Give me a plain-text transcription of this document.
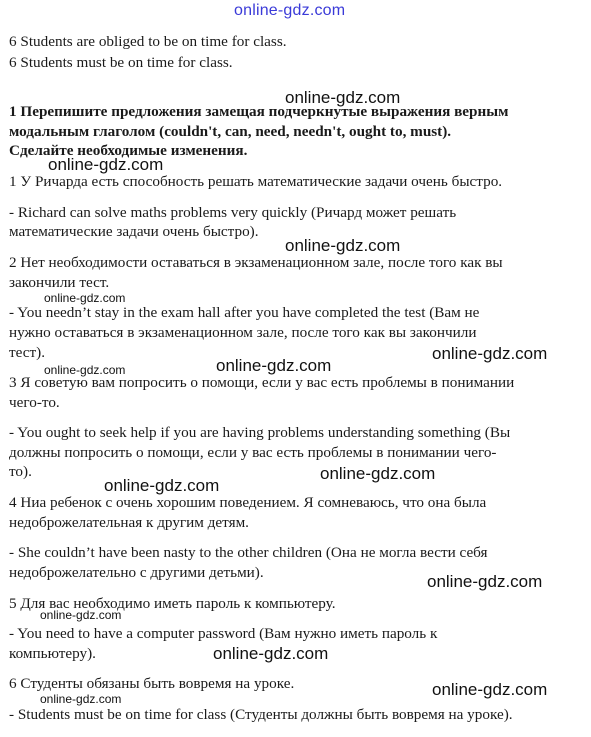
online-gdz.com
6 Students are obliged to be on time for class.
6 Students must be on time for class.
1 Перепишите предложения замещая подчеркнутые выражения верным
модальным глаголом (couldn't, can, need, needn't, ought to, must).
Сделайте необходимые изменения.
1 У Ричарда есть способность решать математические задачи очень быстро.
- Richard can solve maths problems very quickly (Ричард может решать
математические задачи очень быстро).
2 Нет необходимости оставаться в экзаменационном зале, после того как вы
закончили тест.
- You needn’t stay in the exam hall after you have completed the test (Вам не
нужно оставаться в экзаменационном зале, после того как вы закончили
тест).
3 Я советую вам попросить о помощи, если у вас есть проблемы в понимании
чего-то.
- You ought to seek help if you are having problems understanding something (Вы
должны попросить о помощи, если у вас есть проблемы в понимании чего-
то).
4 Ниа ребенок с очень хорошим поведением. Я сомневаюсь, что она была
недоброжелательная к другим детям.
- She couldn’t have been nasty to the other children (Она не могла вести себя
недоброжелательно с другими детьми).
5 Для вас необходимо иметь пароль к компьютеру.
- You need to have a computer password (Вам нужно иметь пароль к
компьютеру).
6 Студенты обязаны быть вовремя на уроке.
- Students must be on time for class (Студенты должны быть вовремя на уроке).
online-gdz.com
online-gdz.com
online-gdz.com
online-gdz.com
online-gdz.com
online-gdz.com
online-gdz.com
online-gdz.com
online-gdz.com
online-gdz.com
online-gdz.com
online-gdz.com
online-gdz.com
online-gdz.com
